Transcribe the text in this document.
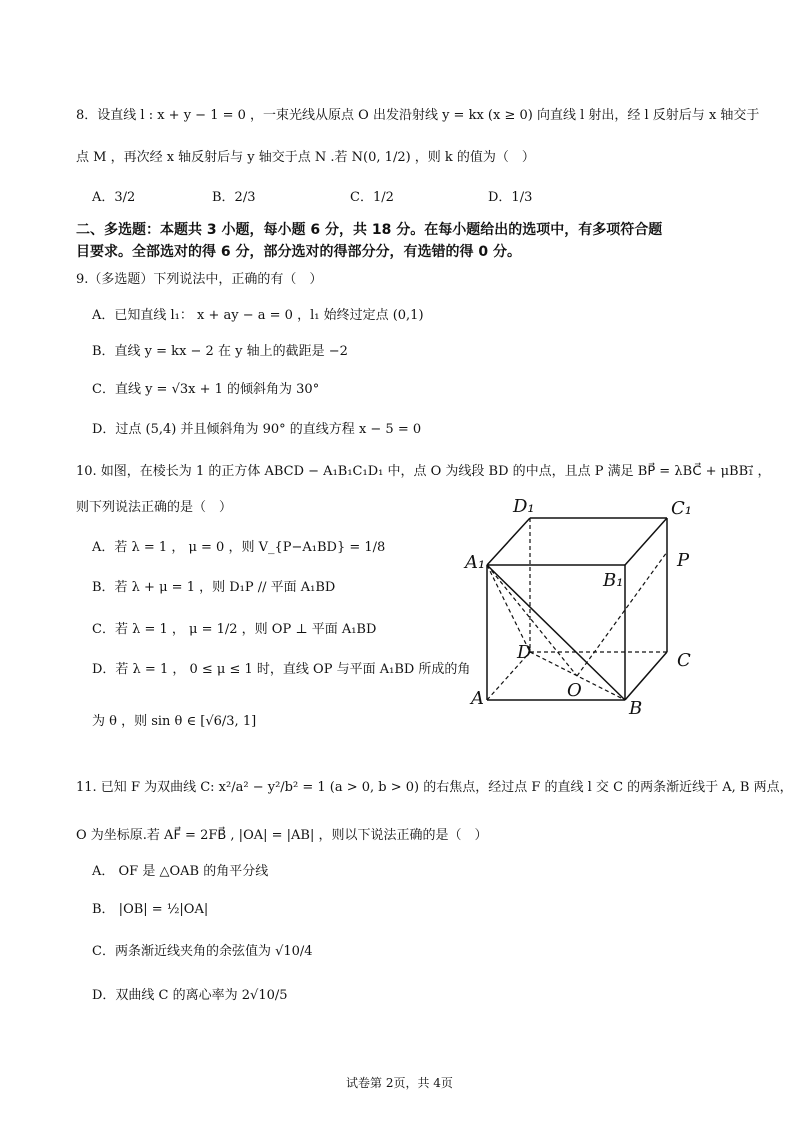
8．设直线 l : x + y − 1 = 0 ，一束光线从原点 O 出发沿射线 y = kx (x ≥ 0) 向直线 l 射出，经 l 反射后与 x 轴交于
点 M ，再次经 x 轴反射后与 y 轴交于点 N .若 N(0, 1/2) ，则 k 的值为（　）
A．3/2	B．2/3	C．1/2	D．1/3
二、多选题：本题共 3 小题，每小题 6 分，共 18 分。在每小题给出的选项中，有多项符合题
目要求。全部选对的得 6 分，部分选对的得部分分，有选错的得 0 分。
9.（多选题）下列说法中，正确的有（　）
A．已知直线 l₁： x + ay − a = 0 ，l₁ 始终过定点 (0,1)
B．直线 y = kx − 2 在 y 轴上的截距是 −2
C．直线 y = √3x + 1 的倾斜角为 30°
D．过点 (5,4) 并且倾斜角为 90° 的直线方程 x − 5 = 0
10. 如图，在棱长为 1 的正方体 ABCD − A₁B₁C₁D₁ 中，点 O 为线段 BD 的中点，且点 P 满足 BP⃗ = λBC⃗ + μBB₁⃗ ，
则下列说法正确的是（　）
A．若 λ = 1 ， μ = 0 ，则 V_{P−A₁BD} = 1/8
B．若 λ + μ = 1 ，则 D₁P // 平面 A₁BD
C．若 λ = 1 ， μ = 1/2 ，则 OP ⊥ 平面 A₁BD
D．若 λ = 1 ， 0 ≤ μ ≤ 1 时，直线 OP 与平面 A₁BD 所成的角
为 θ ，则 sin θ ∈ [√6/3, 1]
D₁	C₁
A₁
B₁
P
D	C
A	O
B
11. 已知 F 为双曲线 C: x²/a² − y²/b² = 1 (a > 0, b > 0) 的右焦点，经过点 F 的直线 l 交 C 的两条渐近线于 A, B 两点，
O 为坐标原.若 AF⃗ = 2FB⃗ , |OA| = |AB| ，则以下说法正确的是（　）
A． OF 是 △OAB 的角平分线
B． |OB| = ½|OA|
C．两条渐近线夹角的余弦值为 √10/4
D．双曲线 C 的离心率为 2√10/5
试卷第 2页，共 4页
